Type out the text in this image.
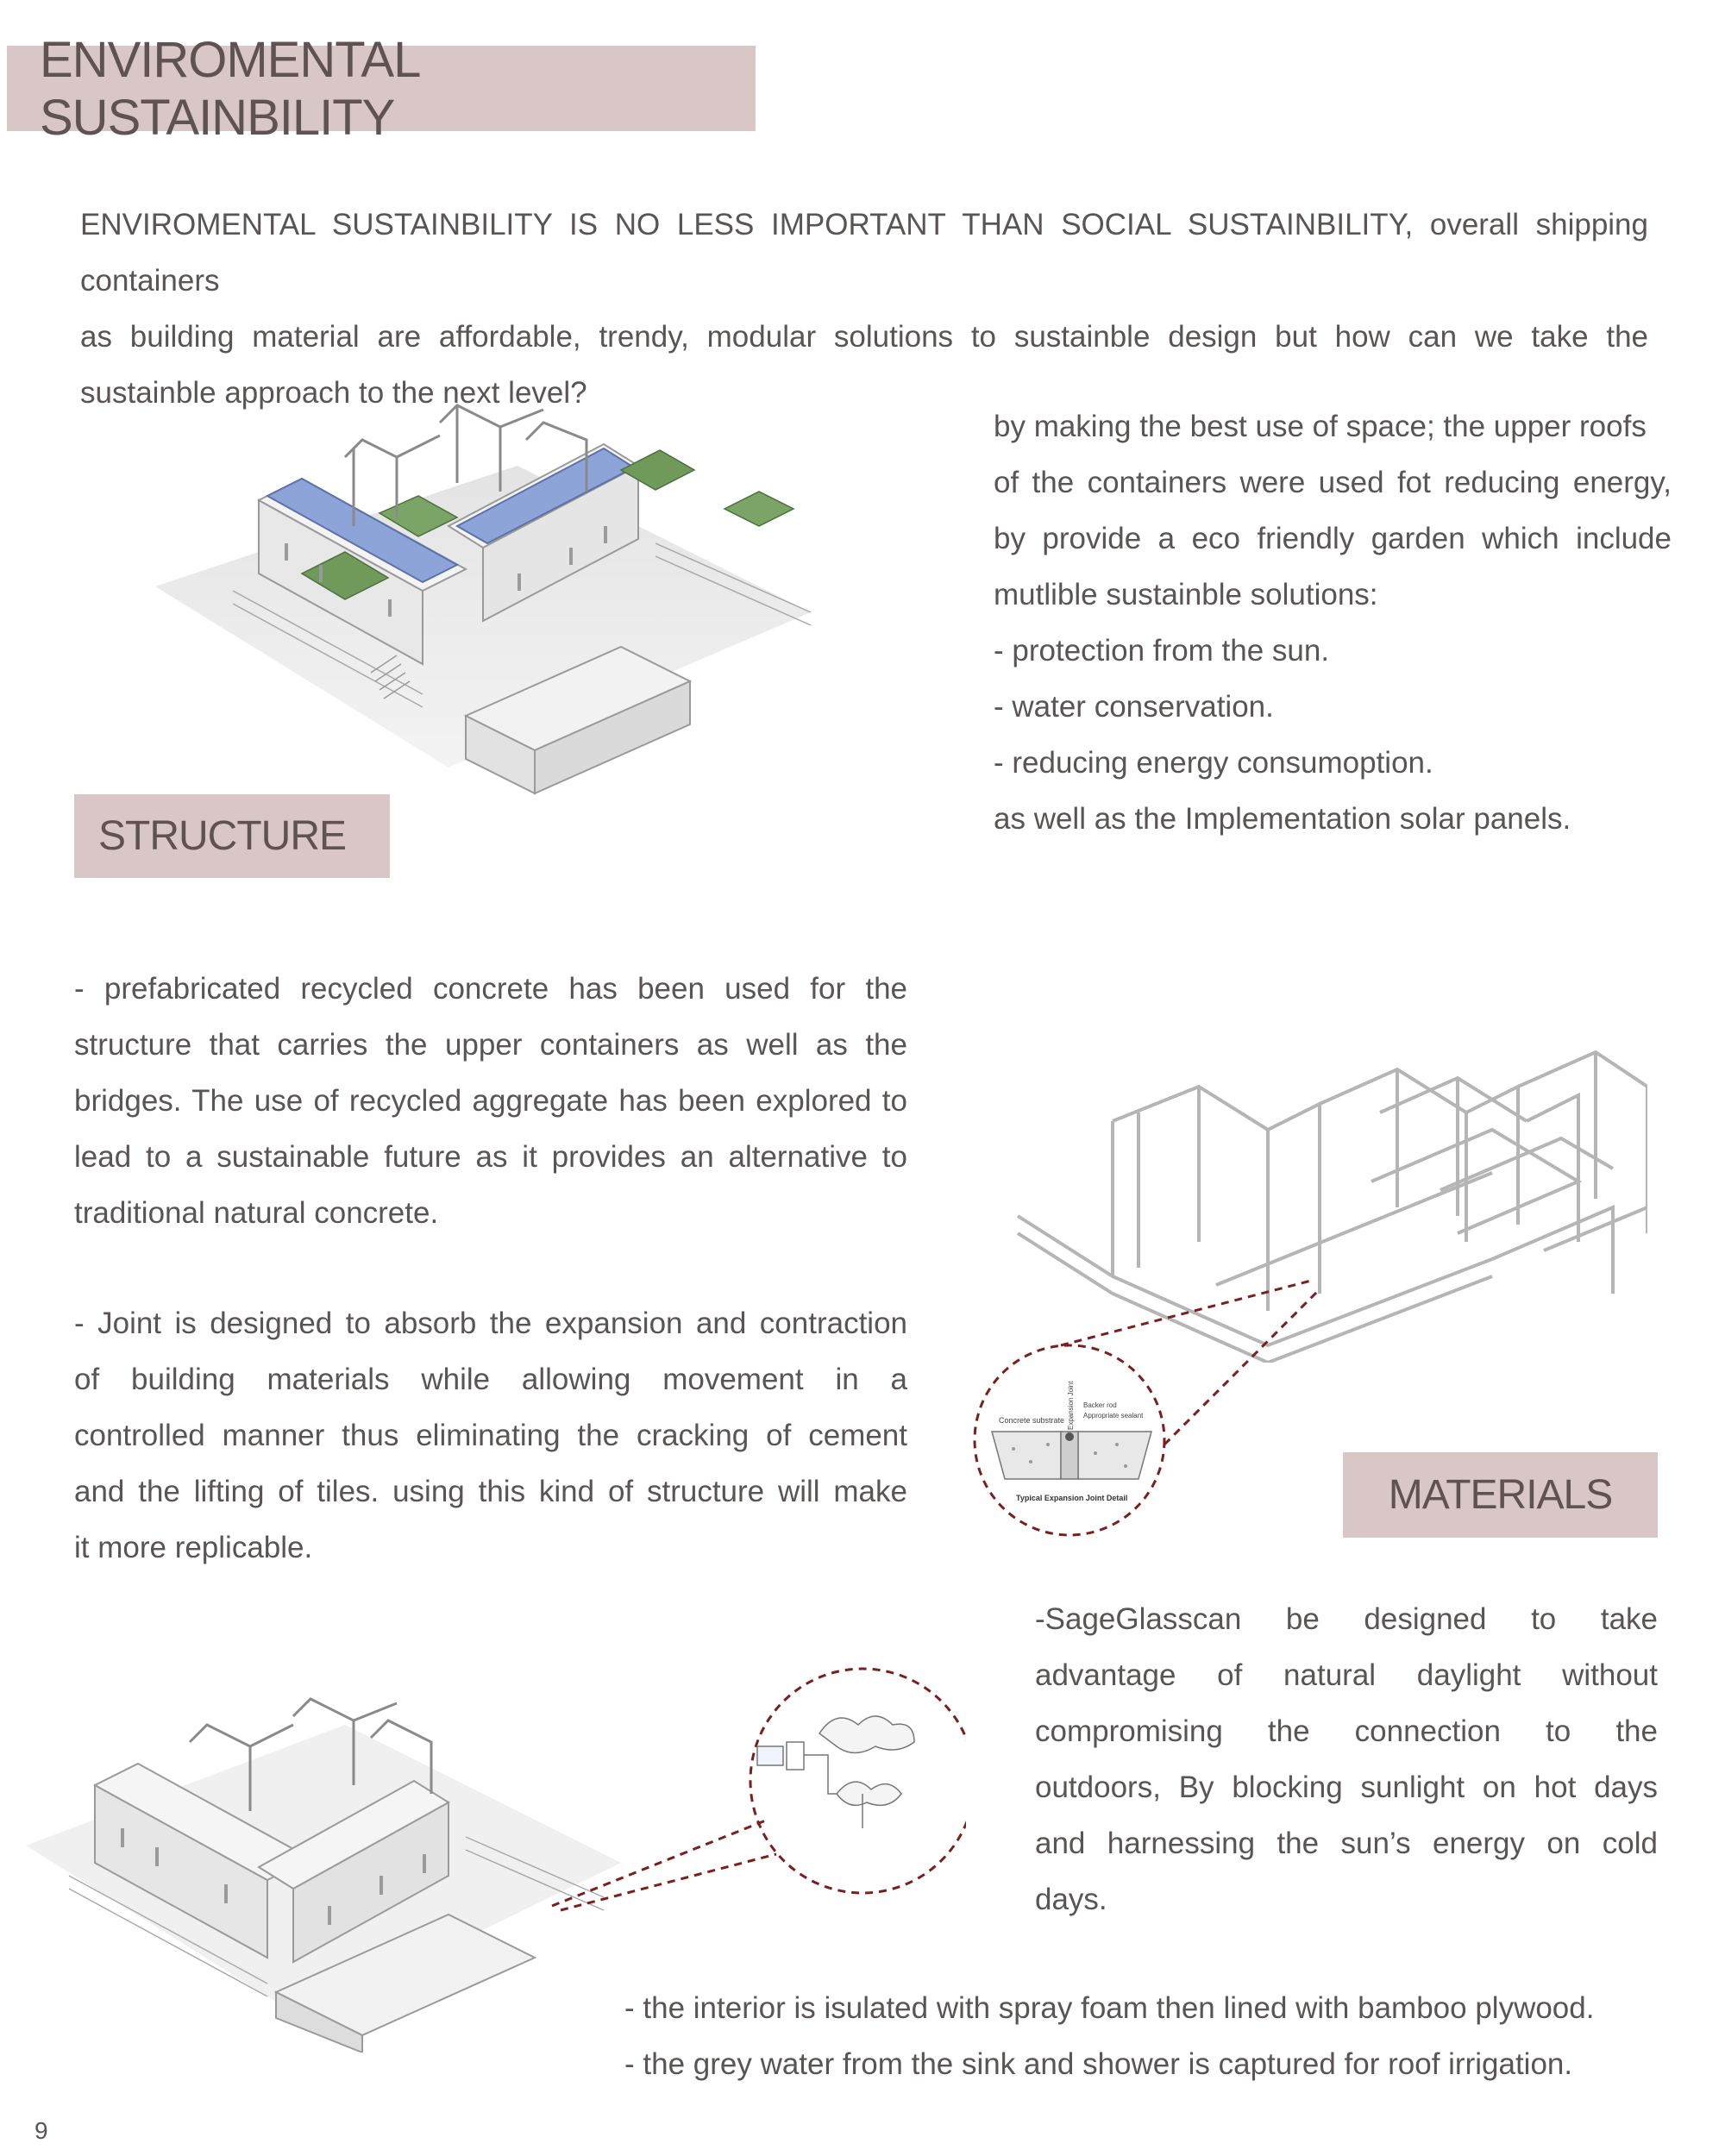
ENVIROMENTAL SUSTAINBILITY
ENVIROMENTAL SUSTAINBILITY IS NO LESS IMPORTANT THAN SOCIAL SUSTAINBILITY, overall shipping containers
as building material are affordable, trendy, modular solutions to sustainble design but how can we take the
sustainble approach to the next level?
by making the best use of space; the upper roofs
of the containers were used fot reducing energy,
by provide a eco friendly garden which include
mutlible sustainble solutions:
- protection from the sun.
- water conservation.
- reducing energy consumoption.
as well as the Implementation solar panels.
STRUCTURE
- prefabricated recycled concrete has been used for the
structure that carries the upper containers as well as the
bridges. The use of recycled aggregate has been explored to
lead to a sustainable future as it provides an alternative to
traditional natural concrete.
- Joint is designed to absorb the expansion and contraction
of building materials while allowing movement in a
controlled manner thus eliminating the cracking of cement
and the lifting of tiles. using this kind of structure will make
it more replicable.
Concrete substrate Expansion Joint Backer rod
Appropriate sealant
Typical Expansion Joint Detail	MATERIALS
-SageGlasscan be designed to take
advantage of natural daylight without
compromising the connection to the
outdoors, By blocking sunlight on hot days
and harnessing the sun’s energy on cold
days.
- the interior is isulated with spray foam then lined with bamboo plywood.
- the grey water from the sink and shower is captured for roof irrigation.
9
